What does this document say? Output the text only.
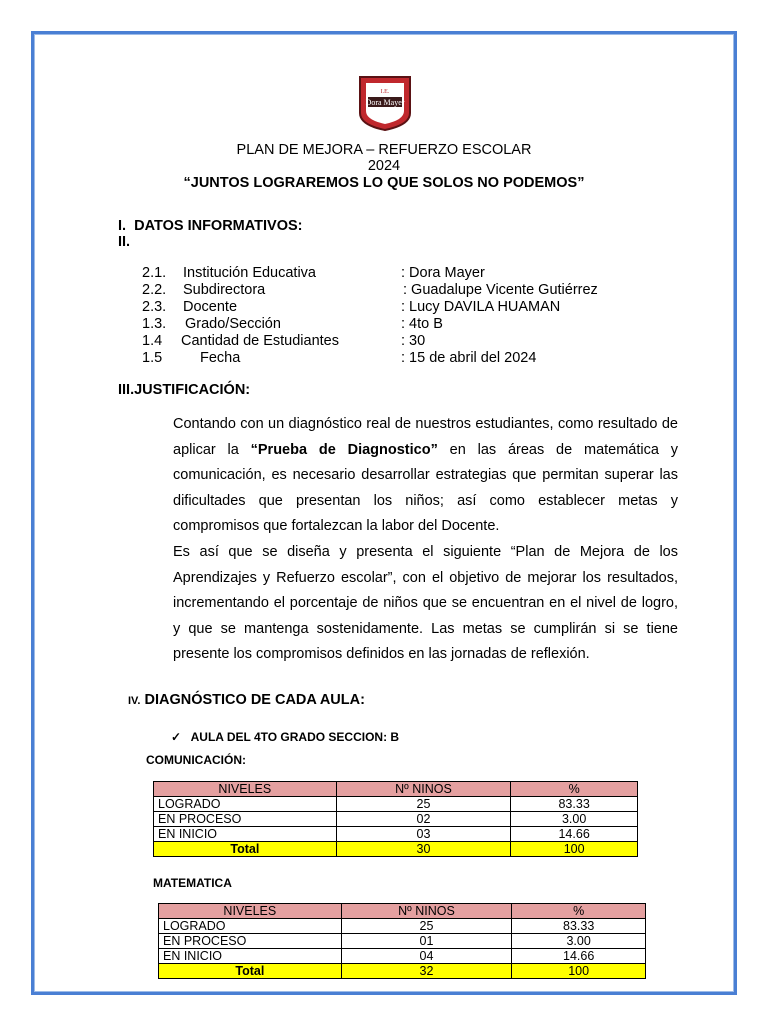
Dora Mayer
I.E.
PLAN DE MEJORA – REFUERZO ESCOLAR
2024
“JUNTOS LOGRAREMOS LO QUE SOLOS NO PODEMOS”
I. DATOS INFORMATIVOS:
II.
2.1. Institución Educativa	: Dora Mayer
2.2. Subdirectora	: Guadalupe Vicente Gutiérrez
2.3. Docente	: Lucy DAVILA HUAMAN
1.3. Grado/Sección	: 4to B
1.4 Cantidad de Estudiantes	: 30
1.5	Fecha	: 15 de abril del 2024
III.JUSTIFICACIÓN:

Contando con un diagnóstico real de nuestros estudiantes, como resultado de aplicar la “Prueba de Diagnostico” en las áreas de matemática y comunicación, es necesario desarrollar estrategias que permitan superar las dificultades que presentan los niños; así como establecer metas y compromisos que fortalezcan la labor del Docente.

Es así que se diseña y presenta el siguiente “Plan de Mejora de los Aprendizajes y Refuerzo escolar”, con el objetivo de mejorar los resultados, incrementando el porcentaje de niños que se encuentran en el nivel de logro, y que se mantenga sostenidamente. Las metas se cumplirán si se tiene presente los compromisos definidos en las jornadas de reflexión.

IV. DIAGNÓSTICO DE CADA AULA:
✓ AULA DEL 4TO GRADO SECCION: B
COMUNICACIÓN:
NIVELES	Nº NINOS	%
LOGRADO	25	83.33
EN PROCESO	02	3.00
EN INICIO	03	14.66
Total	30	100
MATEMATICA
NIVELES	Nº NINOS	%
LOGRADO	25	83.33
EN PROCESO	01	3.00
EN INICIO	04	14.66
Total	32	100
